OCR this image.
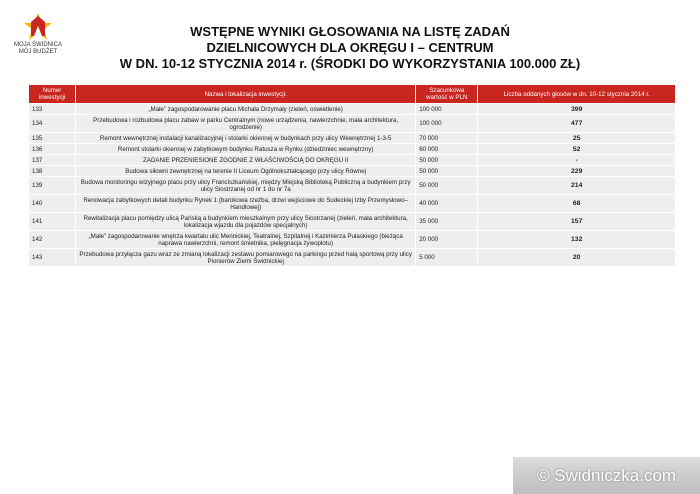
MOJA ŚWIDNICA
MÓJ BUDŻET
WSTĘPNE WYNIKI GŁOSOWANIA NA LISTĘ ZADAŃ
DZIELNICOWYCH DLA OKRĘGU I – CENTRUM
W DN. 10-12 STYCZNIA 2014 r. (ŚRODKI DO WYKORZYSTANIA 100.000 ZŁ)
Numer inwestycji	Nazwa i lokalizacja inwestycji:	Szacunkowa wartość w PLN	Liczba oddanych głosów w dn. 10-12 stycznia 2014 r.
133	„Małe” zagospodarowanie placu Michała Drzymały (zieleń, oświetlenie)	100 000	399
134	Przebudowa i rozbudowa placu zabaw w parku Centralnym (nowe urządzenia, nawierzchnie, mała architektura, ogrodzenie)	100 000	477
135	Remont wewnętrznej instalacji kanalizacyjnej i stolarki okiennej w budynkach przy ulicy Wewnętrznej 1-3-5	70 000	25
136	Remont stolarki okiennej w zabytkowym budynku Ratusza w Rynku (dziedziniec wewnętrzny)	60 000	52
137	ZADANIE PRZENIESIONE ZGODNIE Z WŁAŚCIWOŚCIĄ DO OKRĘGU II	50 000	-
138	Budowa siłowni zewnętrznej na terenie II Liceum Ogólnokształcącego przy ulicy Równej	50 000	229
139	Budowa monitoringu wizyjnego placu przy ulicy Franciszkańskiej, między Miejską Biblioteką Publiczną a budynkiem przy ulicy Siostrzanej od nr 1 do nr 7a	50 000	214
140	Renowacja zabytkowych detali budynku Rynek 1 (barokowa rzeźba, drzwi wejściowe do Sudeckiej Izby Przemysłowo–Handlowej)	40 000	68
141	Rewitalizacja placu pomiędzy ulicą Pańską a budynkiem mieszkalnym przy ulicy Siostrzanej (zieleń, mała architektura, lokalizacja wjazdu dla pojazdów specjalnych)	35 000	157
142	„Małe” zagospodarowanie wnętrza kwartału ulic Mennickiej, Teatralnej, Szpitalnej i Kazimierza Pułaskiego (bieżąca naprawa nawierzchni, remont śmietnika, pielęgnacja żywopłotu)	20 000	132
143	Przebudowa przyłącza gazu wraz ze zmianą lokalizacji zestawu pomiarowego na parkingu przed halą sportową przy ulicy Pionierów Ziemi Świdnickiej	5 000	20
© Swidniczka.com
